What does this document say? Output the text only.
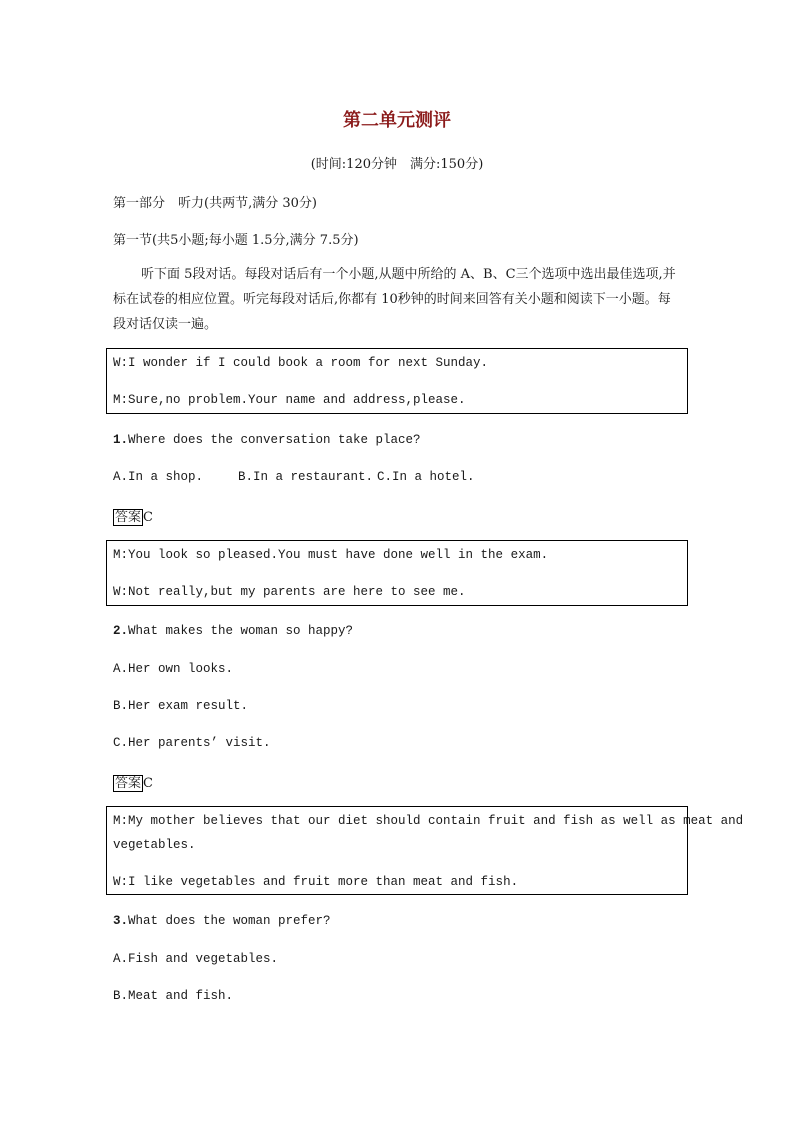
第二单元测评
(时间:120分钟　满分:150分)
第一部分　听力(共两节,满分 30分)
第一节(共5小题;每小题 1.5分,满分 7.5分)
听下面 5段对话。每段对话后有一个小题,从题中所给的 A、B、C三个选项中选出最佳选项,并标在试卷的相应位置。听完每段对话后,你都有 10秒钟的时间来回答有关小题和阅读下一小题。每段对话仅读一遍。
W:I wonder if I could book a room for next Sunday.
M:Sure,no problem.Your name and address,please.
1.Where does the conversation take place?
A.In a shop.	B.In a restaurant. C.In a hotel.
答案 C
M:You look so pleased.You must have done well in the exam.
W:Not really,but my parents are here to see me.
2.What makes the woman so happy?
A.Her own looks.
B.Her exam result.
C.Her parents’ visit.
答案 C
M:My mother believes that our diet should contain fruit and fish as well as meat and
vegetables.
W:I like vegetables and fruit more than meat and fish.
3.What does the woman prefer?
A.Fish and vegetables.
B.Meat and fish.
